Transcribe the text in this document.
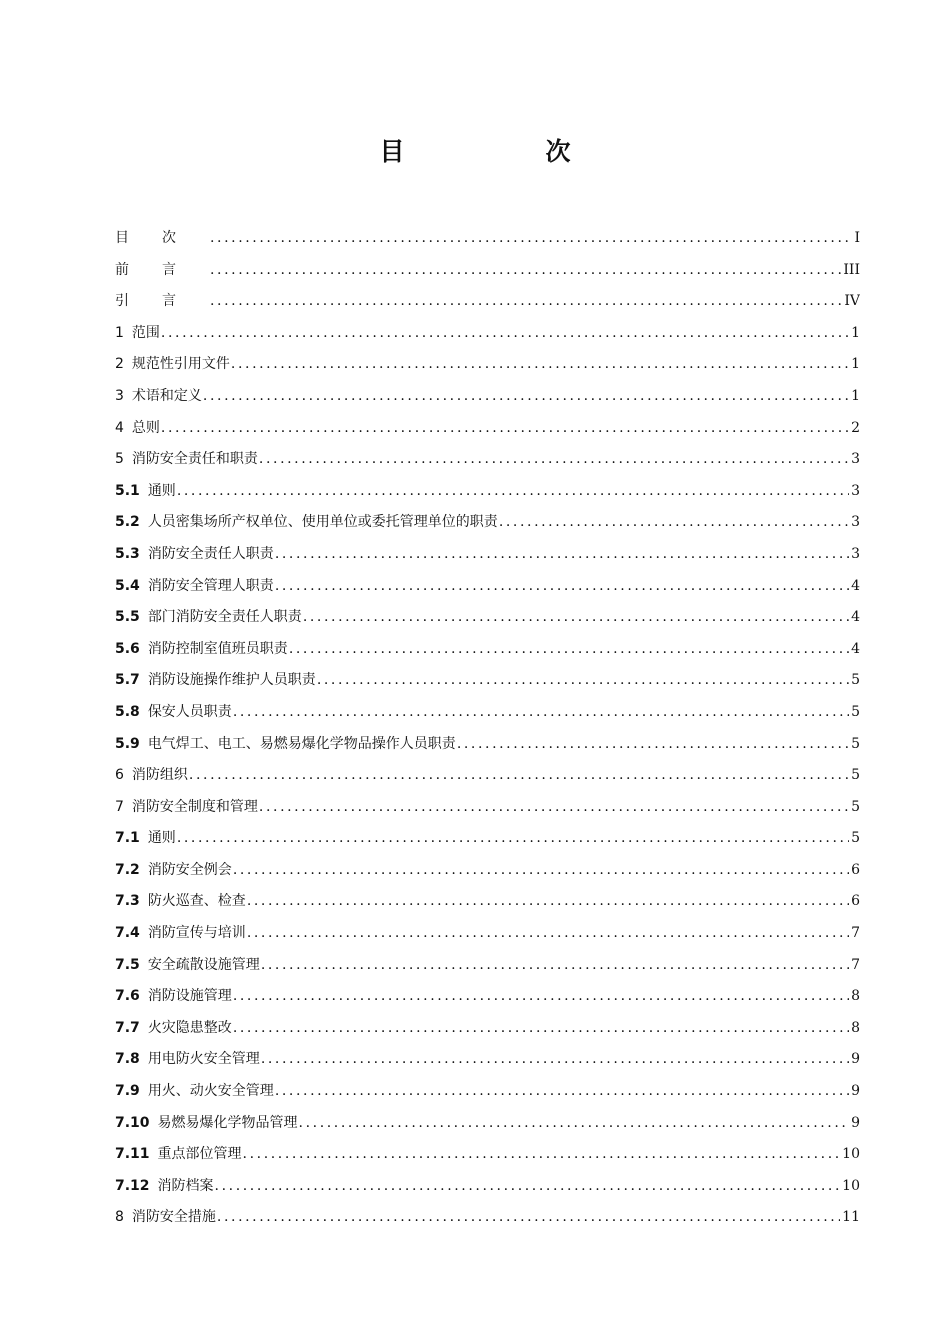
目　次
目次 .....	I
前言 .....	III
引言 .....	IV
1 范围 .....	1
2 规范性引用文件 .....	1
3 术语和定义 .....	1
4 总则 .....	2
5 消防安全责任和职责 .....	3
5.1 通则 .....	3
5.2 人员密集场所产权单位、使用单位或委托管理单位的职责 .....	3
5.3 消防安全责任人职责 .....	3
5.4 消防安全管理人职责 .....	4
5.5 部门消防安全责任人职责 .....	4
5.6 消防控制室值班员职责 .....	4
5.7 消防设施操作维护人员职责 .....	5
5.8 保安人员职责 .....	5
5.9 电气焊工、电工、易燃易爆化学物品操作人员职责 .....	5
6 消防组织 .....	5
7 消防安全制度和管理 .....	5
7.1 通则 .....	5
7.2 消防安全例会 .....	6
7.3 防火巡查、检查 .....	6
7.4 消防宣传与培训 .....	7
7.5 安全疏散设施管理 .....	7
7.6 消防设施管理 .....	8
7.7 火灾隐患整改 .....	8
7.8 用电防火安全管理 .....	9
7.9 用火、动火安全管理 .....	9
7.10 易燃易爆化学物品管理 .....	9
7.11 重点部位管理 .....	10
7.12 消防档案 .....	10
8 消防安全措施 .....	11
